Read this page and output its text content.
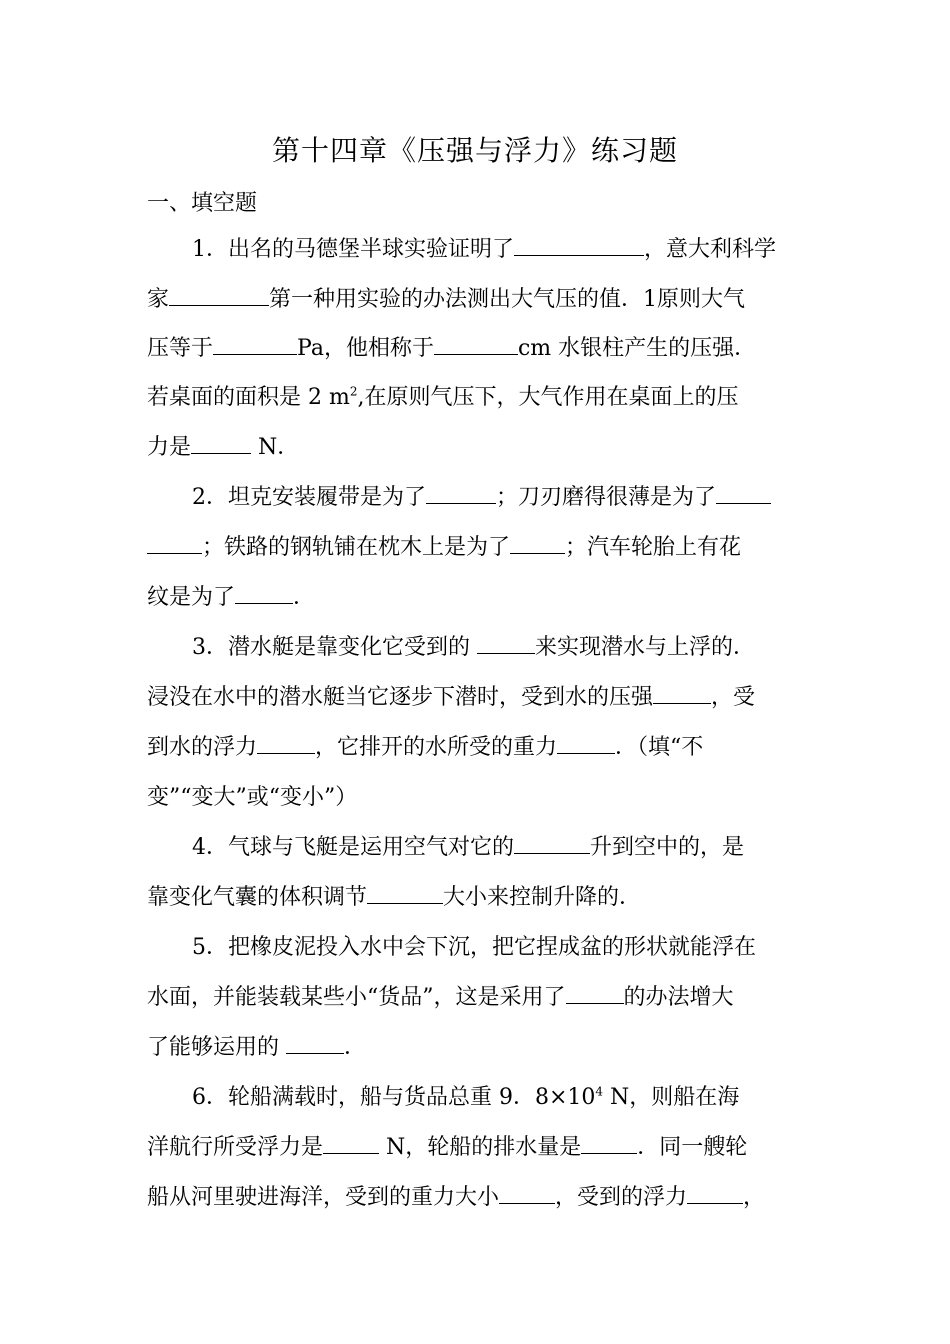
第十四章《压强与浮力》练习题
一、填空题
1．出名的马德堡半球实验证明了	，意大利科学
家	第一种用实验的办法测出大气压的值．1原则大气
压等于	Pa，他相称于	cm 水银柱产生的压强．
若桌面的面积是 2 $m^2$,在原则气压下，大气作用在桌面上的压
力是	N．
2．坦克安装履带是为了	；刀刃磨得很薄是为了
；铁路的钢轨铺在枕木上是为了	；汽车轮胎上有花
纹是为了	．
3．潜水艇是靠变化它受到的	来实现潜水与上浮的．
浸没在水中的潜水艇当它逐步下潜时，受到水的压强	，受
到水的浮力	，它排开的水所受的重力	．（填“不
变”“变大”或“变小”）
4．气球与飞艇是运用空气对它的	升到空中的，是
靠变化气囊的体积调节	大小来控制升降的．
5．把橡皮泥投入水中会下沉，把它捏成盆的形状就能浮在
水面，并能装载某些小“货品”，这是采用了	的办法增大
了能够运用的	．
6．轮船满载时，船与货品总重 9．$8\times 10^4$ N，则船在海
洋航行所受浮力是	N，轮船的排水量是	．同一艘轮
船从河里驶进海洋，受到的重力大小	，受到的浮力	，
